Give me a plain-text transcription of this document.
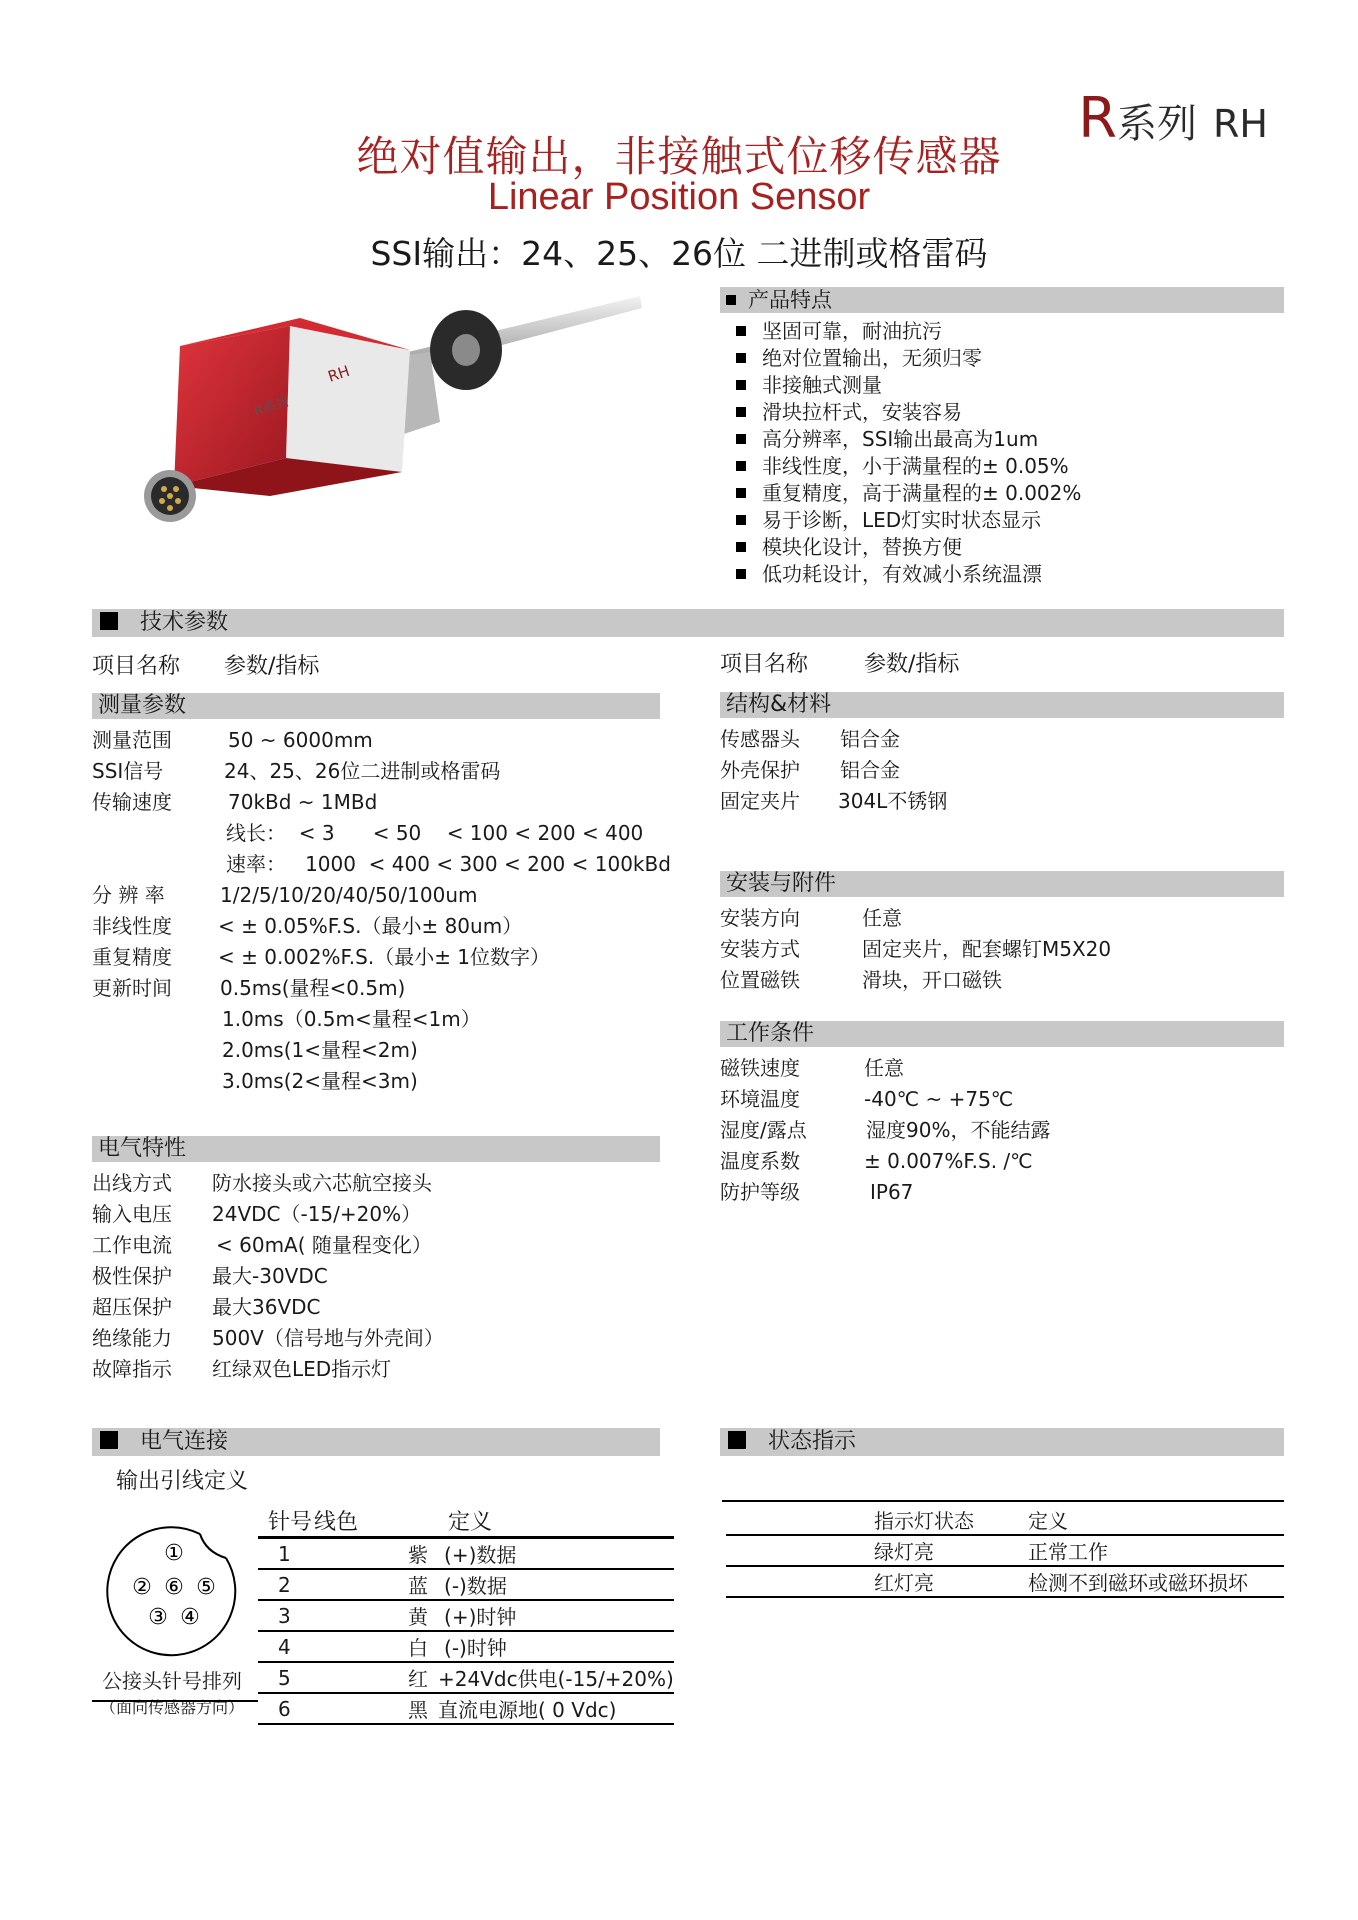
R系列 RH
绝对值输出，非接触式位移传感器
Linear Position Sensor
SSI输出：24、25、26位 二进制或格雷码
RH
R系列
产品特点
坚固可靠，耐油抗污
绝对位置输出，无须归零
非接触式测量
滑块拉杆式，安装容易
高分辨率，SSI输出最高为1um
非线性度，小于满量程的± 0.05%
重复精度，高于满量程的± 0.002%
易于诊断，LED灯实时状态显示
模块化设计，替换方便
低功耗设计，有效减小系统温漂
技术参数
项目名称 参数/指标	项目名称	参数/指标
测量参数
测量范围	50 ~ 6000mm
SSI信号	24、25、26位二进制或格雷码
传输速度	70kBd ~ 1MBd
线长：  < 3      < 50    < 100 < 200 < 400
速率：   1000  < 400 < 300 < 200 < 100kBd
分 辨 率	1/2/5/10/20/40/50/100um
非线性度 < ± 0.05%F.S.（最小± 80um）
重复精度 < ± 0.002%F.S.（最小± 1位数字）
更新时间 0.5ms(量程<0.5m)
1.0ms（0.5m<量程<1m）
2.0ms(1<量程<2m)
3.0ms(2<量程<3m)
电气特性
出线方式 防水接头或六芯航空接头
输入电压 24VDC（-15/+20%）
工作电流 < 60mA( 随量程变化）
极性保护 最大-30VDC
超压保护 最大36VDC
绝缘能力 500V（信号地与外壳间）
故障指示 红绿双色LED指示灯
结构&材料
传感器头 铝合金
外壳保护 铝合金
固定夹片 304L不锈钢
安装与附件
安装方向	任意
安装方式	固定夹片，配套螺钉M5X20
位置磁铁	滑块，开口磁铁
工作条件
磁铁速度	任意
环境温度	-40℃ ~ +75℃
湿度/露点	湿度90%，不能结露
温度系数	± 0.007%F.S. /℃
防护等级	IP67
电气连接
输出引线定义
①
② ⑥ ⑤
③ ④
公接头针号排列
（面向传感器方向）
针号	线色	定义
1	紫	(+)数据
2	蓝	(-)数据
3	黄	(+)时钟
4	白	(-)时钟
5	红	+24Vdc供电(-15/+20%)
6	黑	直流电源地( 0 Vdc)
状态指示
指示灯状态	定义
绿灯亮	正常工作
红灯亮	检测不到磁环或磁环损坏
